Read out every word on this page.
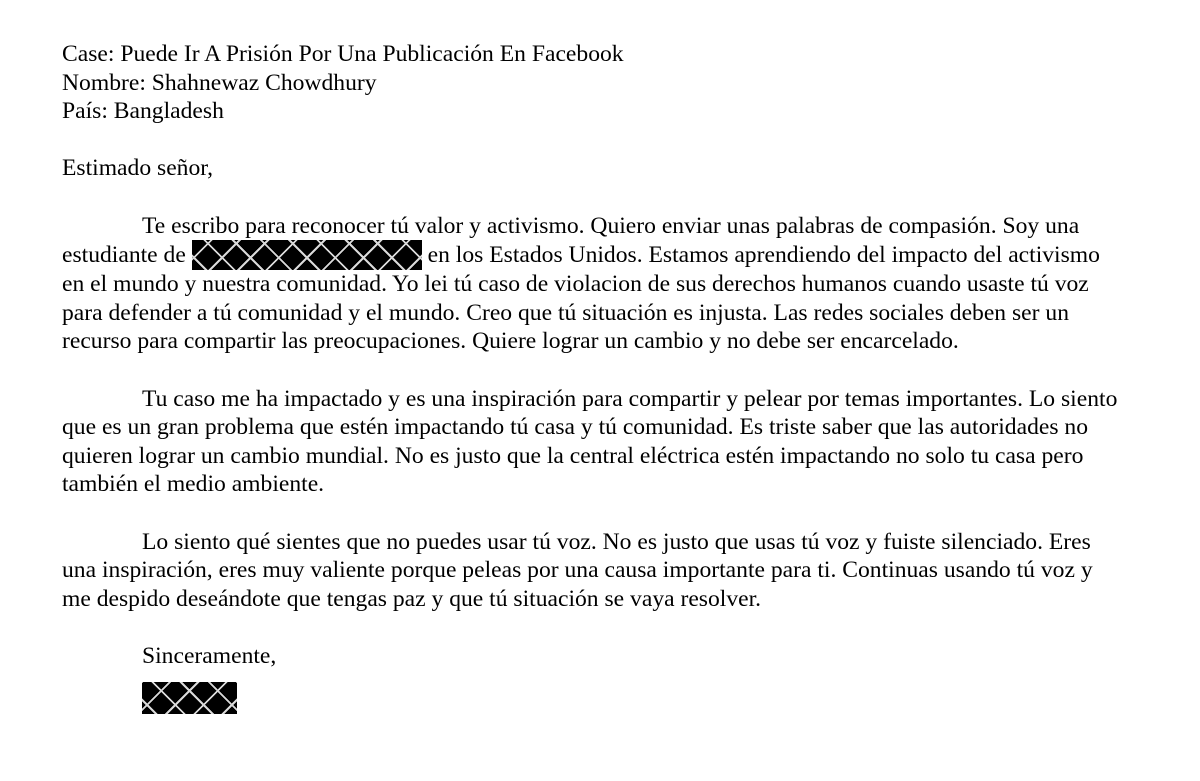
Case: Puede Ir A Prisión Por Una Publicación En Facebook

Nombre: Shahnewaz Chowdhury

País: Bangladesh

Estimado señor,

Te escribo para reconocer tú valor y activismo. Quiero enviar unas palabras de compasión. Soy una estudiante de	en los Estados Unidos. Estamos aprendiendo del impacto del activismo en el mundo y nuestra comunidad. Yo lei tú caso de violacion de sus derechos humanos cuando usaste tú voz para defender a tú comunidad y el mundo. Creo que tú situación es injusta. Las redes sociales deben ser un recurso para compartir las preocupaciones. Quiere lograr un cambio y no debe ser encarcelado.

Tu caso me ha impactado y es una inspiración para compartir y pelear por temas importantes. Lo siento que es un gran problema que estén impactando tú casa y tú comunidad. Es triste saber que las autoridades no quieren lograr un cambio mundial. No es justo que la central eléctrica estén impactando no solo tu casa pero también el medio ambiente.

Lo siento qué sientes que no puedes usar tú voz. No es justo que usas tú voz y fuiste silenciado. Eres una inspiración, eres muy valiente porque peleas por una causa importante para ti. Continuas usando tú voz y me despido deseándote que tengas paz y que tú situación se vaya resolver.

Sinceramente,
